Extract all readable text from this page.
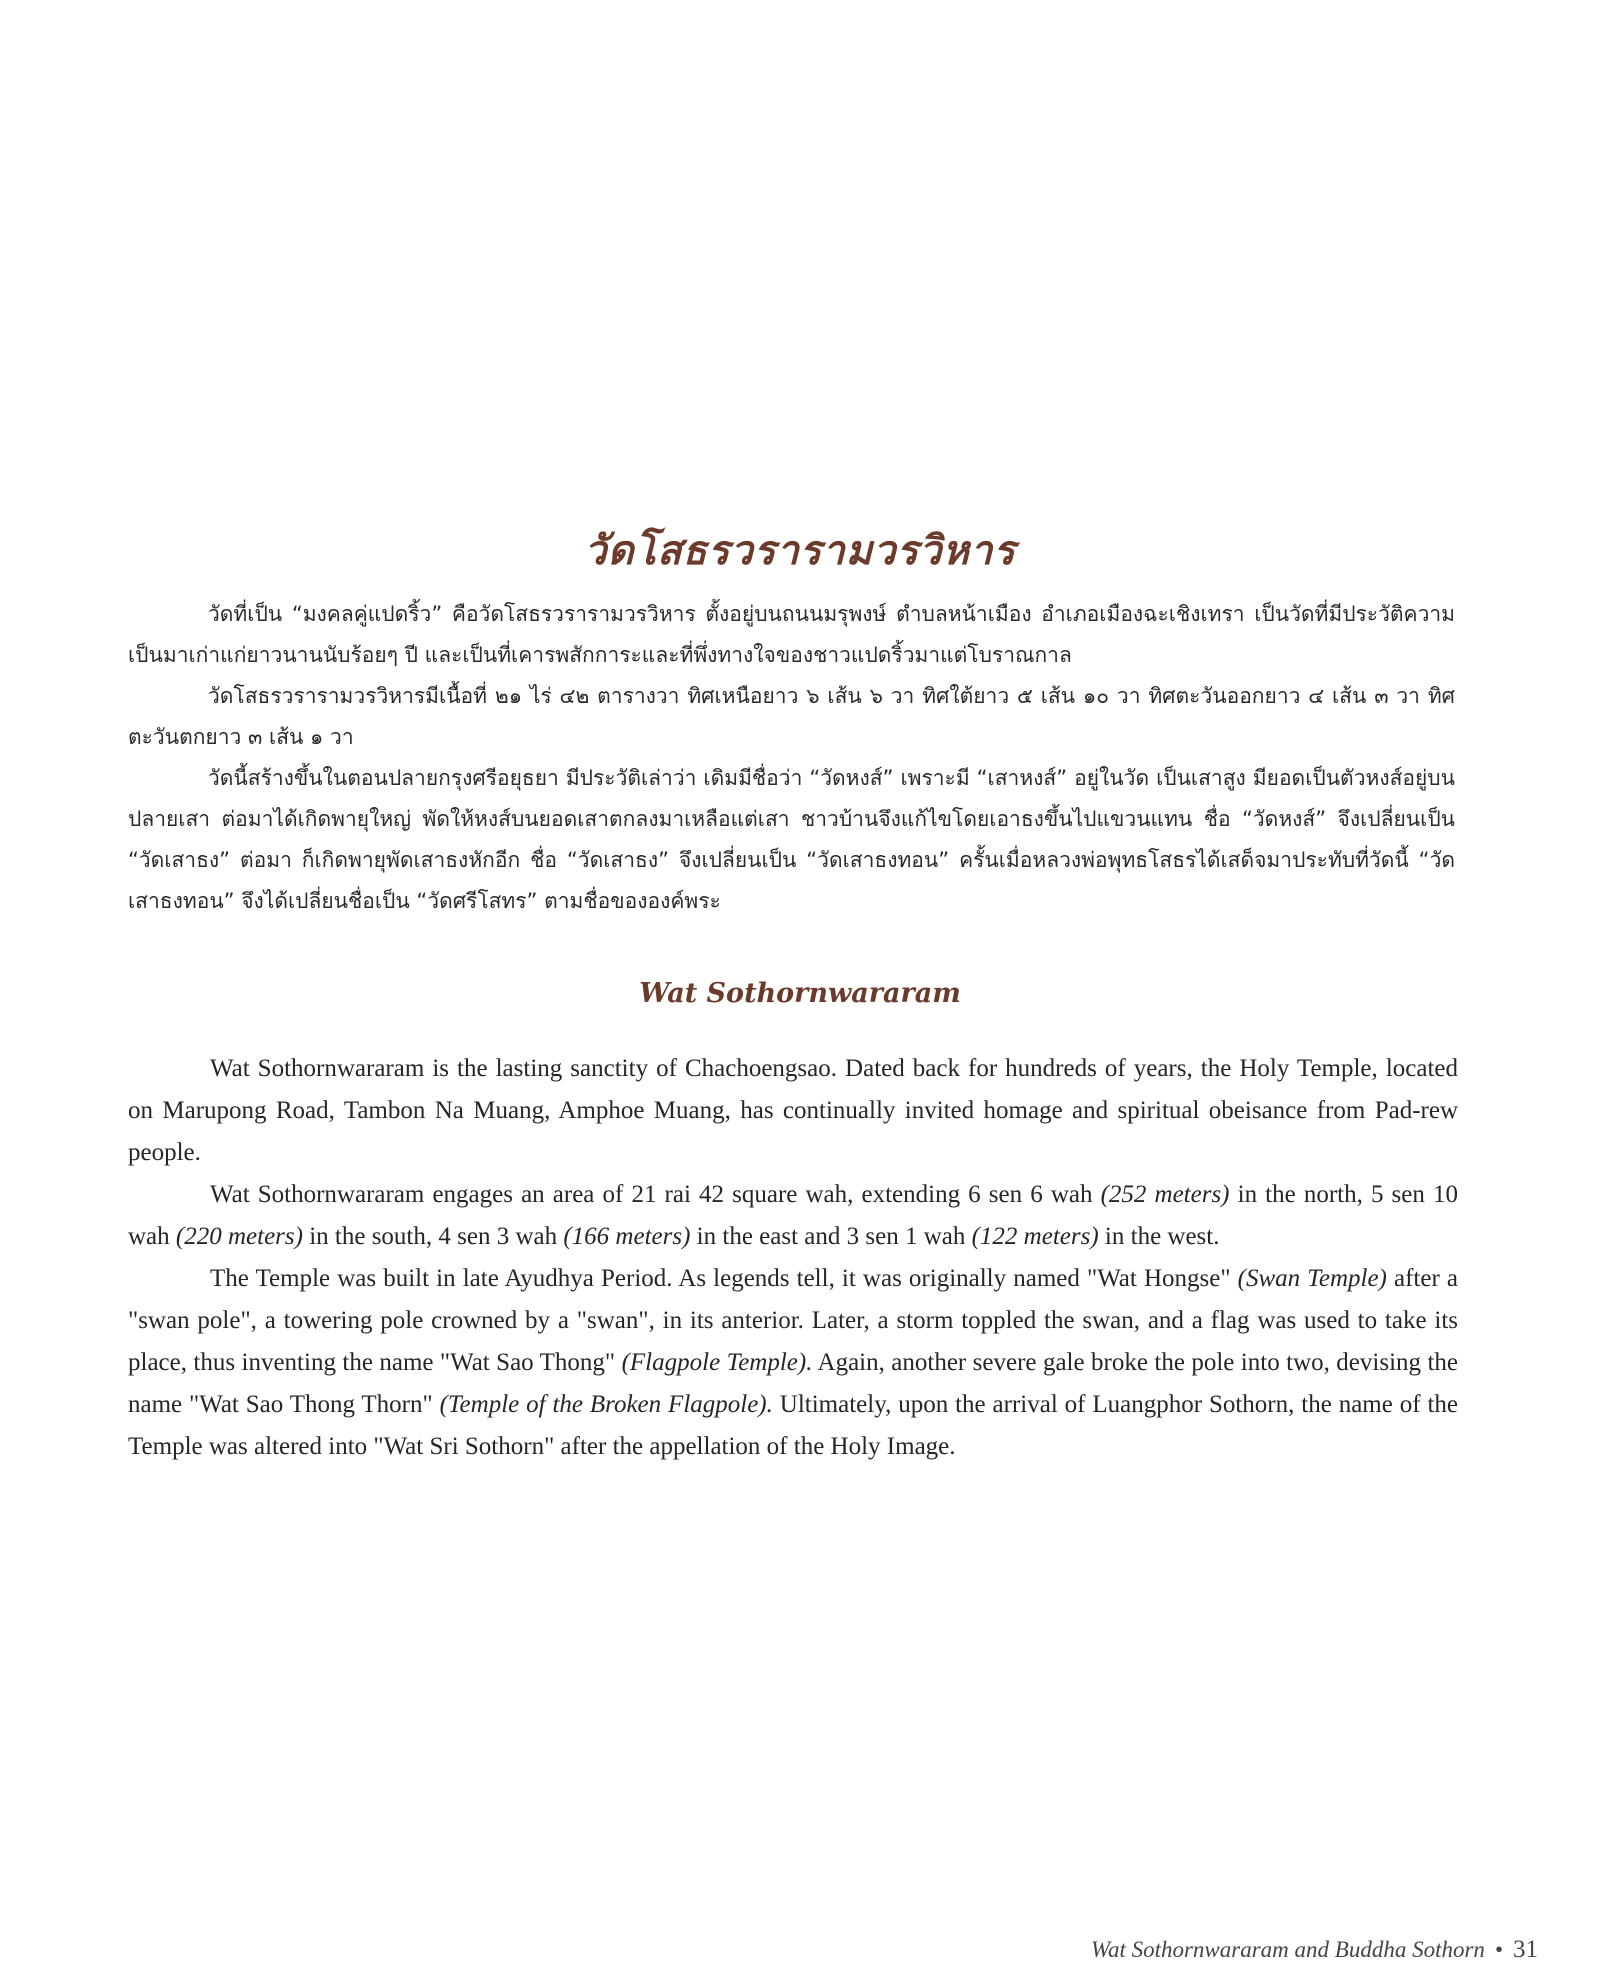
วัดโสธรวรารามวรวิหาร

วัดที่เป็น “มงคลคู่แปดริ้ว” คือวัดโสธรวรารามวรวิหาร ตั้งอยู่บนถนนมรุพงษ์ ตำบลหน้าเมือง อำเภอเมืองฉะเชิงเทรา เป็นวัดที่มีประวัติความเป็นมาเก่าแก่ยาวนานนับร้อยๆ ปี และเป็นที่เคารพสักการะและที่พึ่งทางใจของชาวแปดริ้วมาแต่โบราณกาล

วัดโสธรวรารามวรวิหารมีเนื้อที่ ๒๑ ไร่ ๔๒ ตารางวา ทิศเหนือยาว ๖ เส้น ๖ วา ทิศใต้ยาว ๕ เส้น ๑๐ วา ทิศตะวันออกยาว ๔ เส้น ๓ วา ทิศตะวันตกยาว ๓ เส้น ๑ วา

วัดนี้สร้างขึ้นในตอนปลายกรุงศรีอยุธยา มีประวัติเล่าว่า เดิมมีชื่อว่า “วัดหงส์” เพราะมี “เสาหงส์” อยู่ในวัด เป็นเสาสูง มียอดเป็นตัวหงส์อยู่บนปลายเสา ต่อมาได้เกิดพายุใหญ่ พัดให้หงส์บนยอดเสาตกลงมาเหลือแต่เสา ชาวบ้านจึงแก้ไขโดยเอาธงขึ้นไปแขวนแทน ชื่อ “วัดหงส์” จึงเปลี่ยนเป็น “วัดเสาธง” ต่อมา ก็เกิดพายุพัดเสาธงหักอีก ชื่อ “วัดเสาธง” จึงเปลี่ยนเป็น “วัดเสาธงทอน” ครั้นเมื่อหลวงพ่อพุทธโสธรได้เสด็จมาประทับที่วัดนี้ “วัดเสาธงทอน” จึงได้เปลี่ยนชื่อเป็น “วัดศรีโสทร” ตามชื่อขององค์พระ

Wat Sothornwararam

Wat Sothornwararam is the lasting sanctity of Chachoengsao. Dated back for hundreds of years, the Holy Temple, located on Marupong Road, Tambon Na Muang, Amphoe Muang, has continually invited homage and spiritual obeisance from Pad-rew people.

Wat Sothornwararam engages an area of 21 rai 42 square wah, extending 6 sen 6 wah (252 meters) in the north, 5 sen 10 wah (220 meters) in the south, 4 sen 3 wah (166 meters) in the east and 3 sen 1 wah (122 meters) in the west.

The Temple was built in late Ayudhya Period. As legends tell, it was originally named "Wat Hongse" (Swan Temple) after a "swan pole", a towering pole crowned by a "swan", in its anterior. Later, a storm toppled the swan, and a flag was used to take its place, thus inventing the name "Wat Sao Thong" (Flagpole Temple). Again, another severe gale broke the pole into two, devising the name "Wat Sao Thong Thorn" (Temple of the Broken Flagpole). Ultimately, upon the arrival of Luangphor Sothorn, the name of the Temple was altered into "Wat Sri Sothorn" after the appellation of the Holy Image.

Wat Sothornwararam and Buddha Sothorn • 31
